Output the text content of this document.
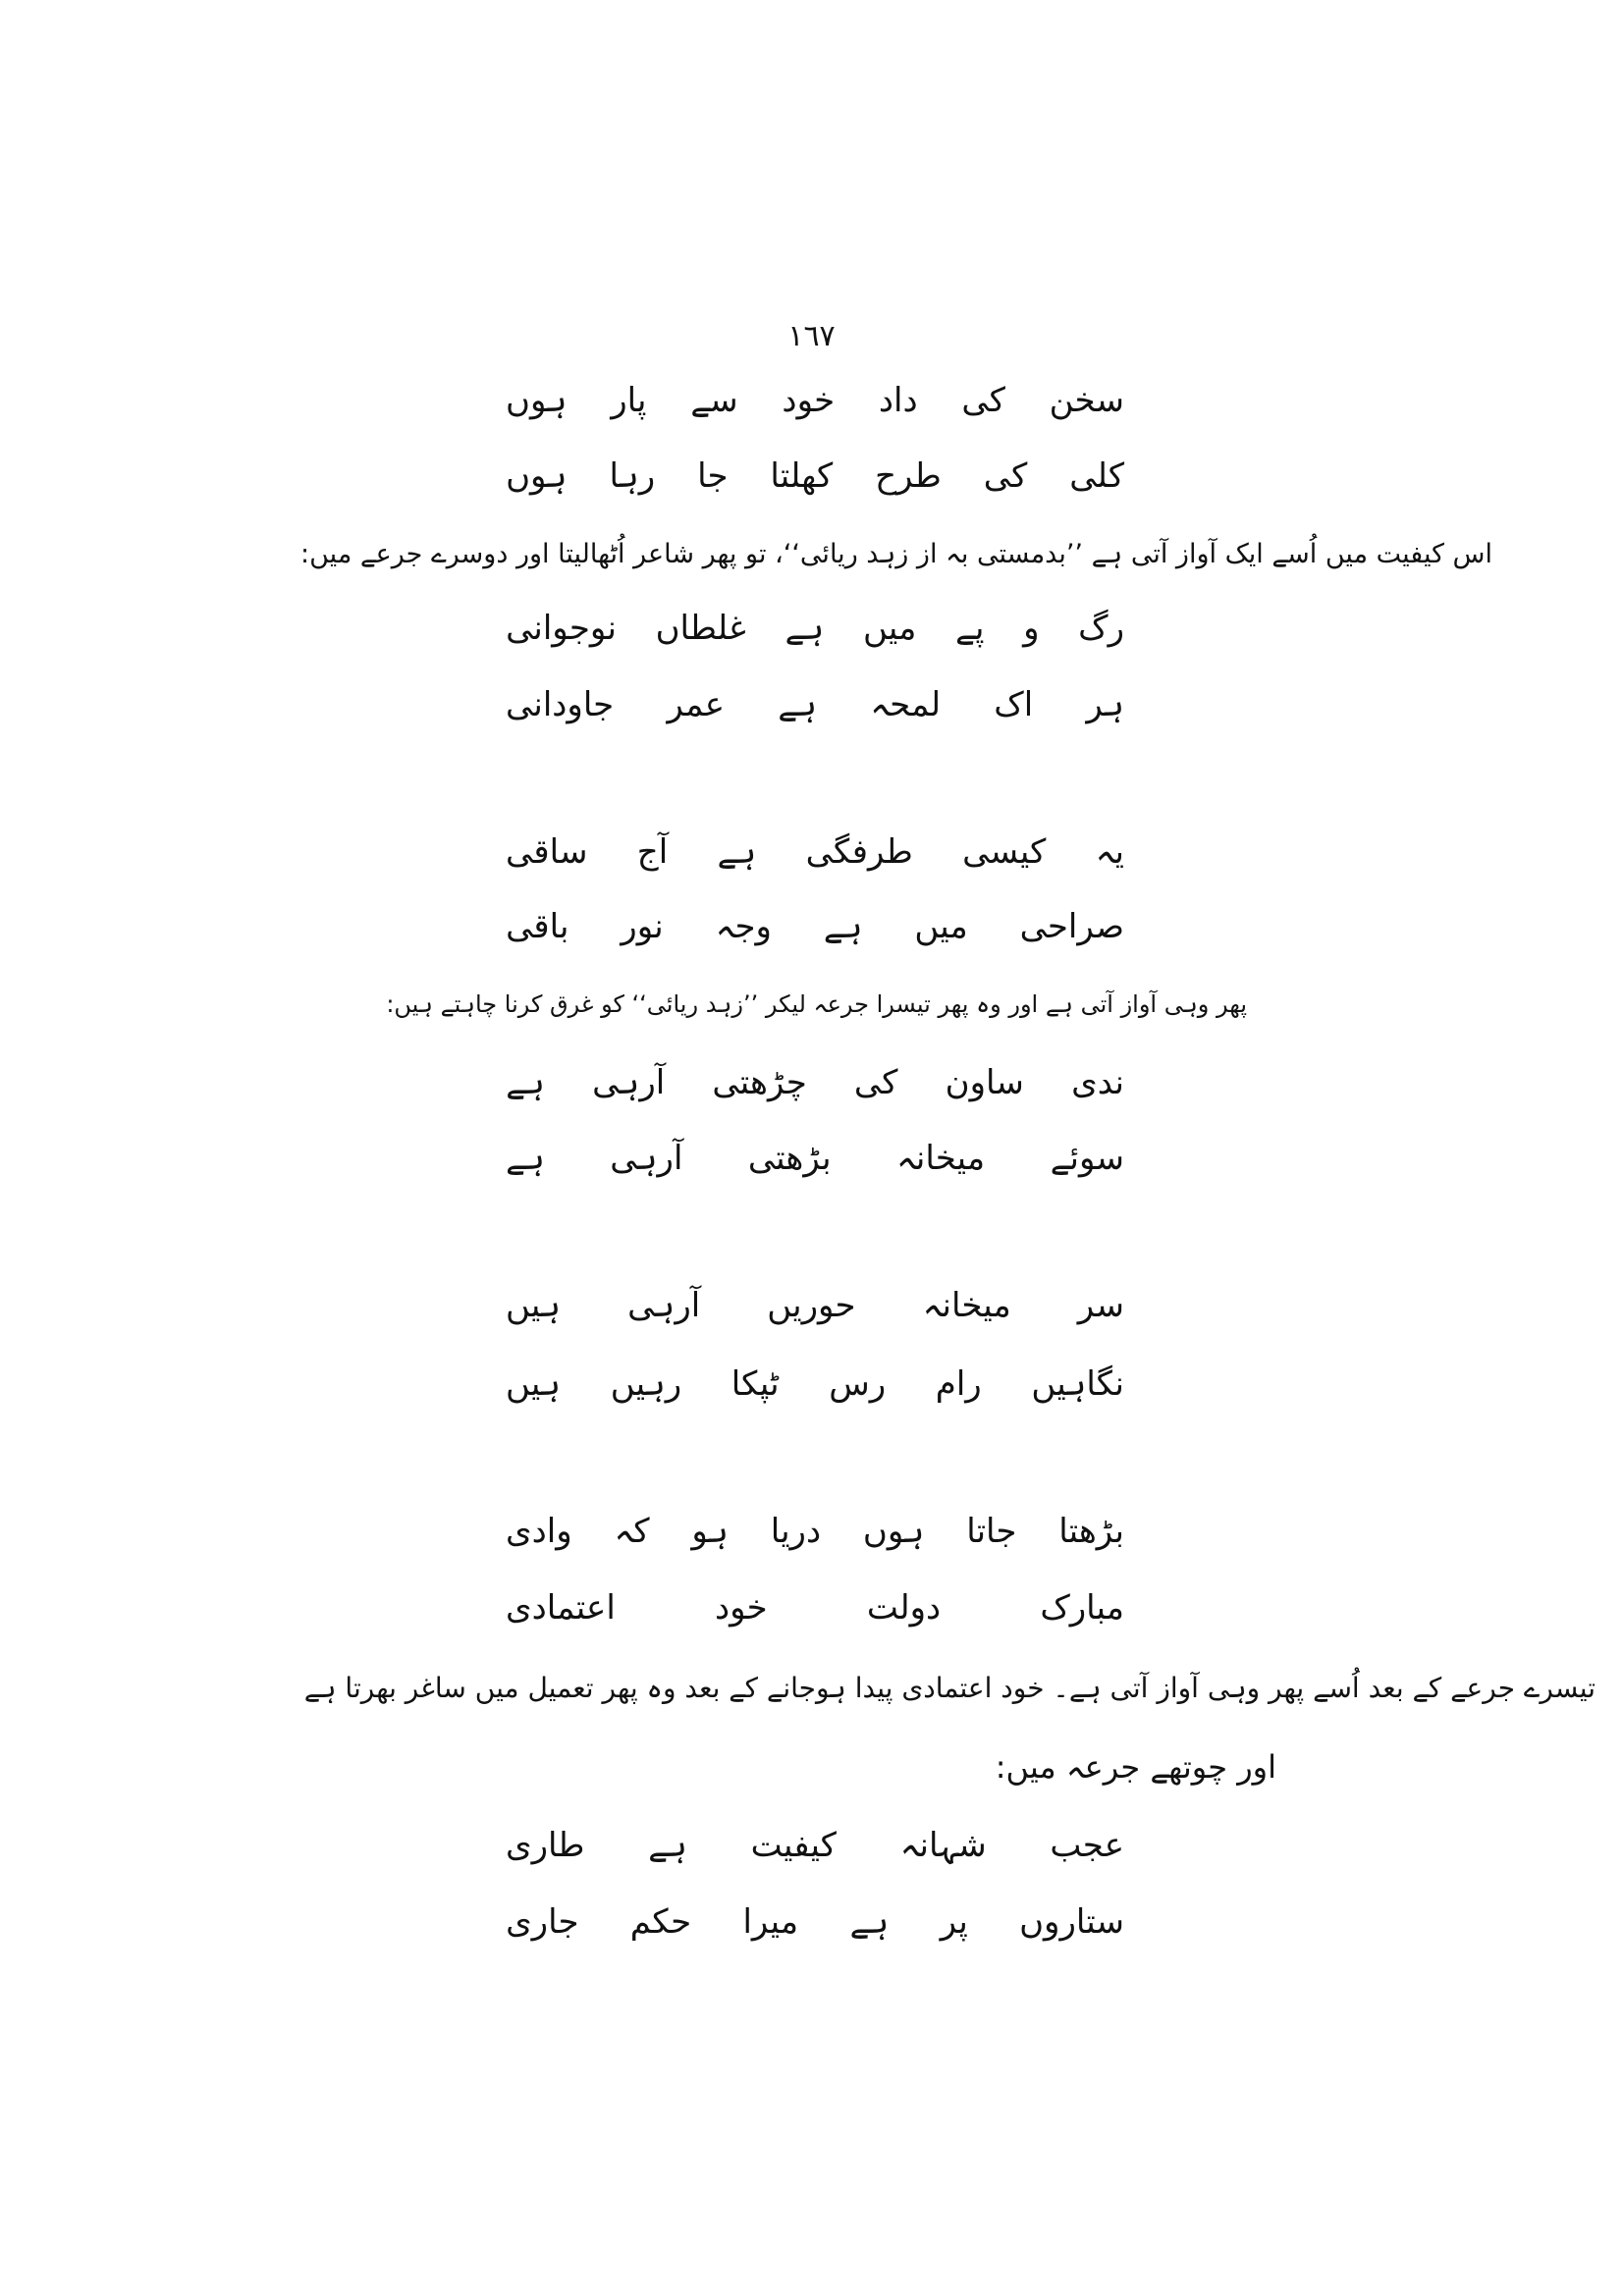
١٦٧
سخن
کی
داد
خود
سے
پار
ہوں
کلی
کی
طرح
کھلتا
جا
رہا
ہوں
اس کیفیت میں اُسے ایک آواز آتی ہے ’’بدمستی بہ از زہد ریائی‘‘، تو پھر شاعر اُٹھالیتا اور دوسرے جرعے میں:
رگ
و
پے
میں
ہے
غلطاں
نوجوانی
ہر
اک
لمحہ
ہے
عمر
جاودانی
یہ
کیسی
طرفگی
ہے
آج
ساقی
صراحی
میں
ہے
وجہ
نور
باقی
پھر وہی آواز آتی ہے اور وہ پھر تیسرا جرعہ لیکر ’’زہد ریائی‘‘ کو غرق کرنا چاہتے ہیں:
ندی
ساون
کی
چڑھتی
آرہی
ہے
سوئے
میخانہ
بڑھتی
آرہی
ہے
سر
میخانہ
حوریں
آرہی
ہیں
نگاہیں
رام
رس
ٹپکا
رہیں
ہیں
بڑھتا
جاتا
ہوں
دریا
ہو
کہ
وادی
مبارک
دولت
خود
اعتمادی
تیسرے جرعے کے بعد اُسے پھر وہی آواز آتی ہے۔ خود اعتمادی پیدا ہوجانے کے بعد وہ پھر تعمیل میں ساغر بھرتا ہے
اور چوتھے جرعہ میں:
عجب
شہانہ
کیفیت
ہے
طاری
ستاروں
پر
ہے
میرا
حکم
جاری
